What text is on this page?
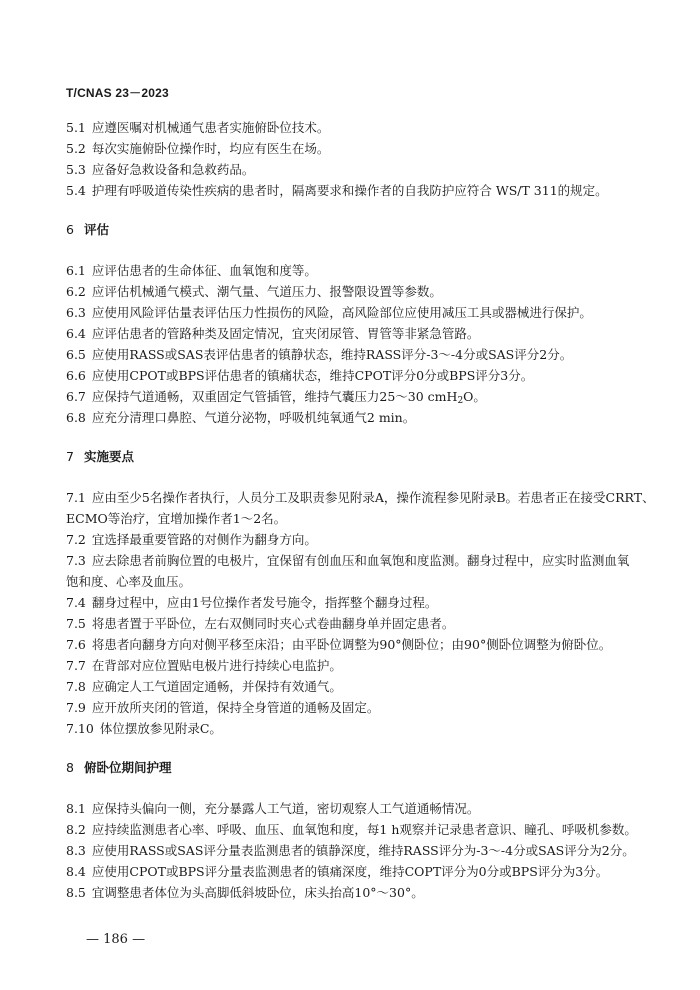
T/CNAS 23－2023
5.1 应遵医嘱对机械通气患者实施俯卧位技术。
5.2 每次实施俯卧位操作时，均应有医生在场。
5.3 应备好急救设备和急救药品。
5.4 护理有呼吸道传染性疾病的患者时，隔离要求和操作者的自我防护应符合 WS/T 311的规定。
6 评估
6.1 应评估患者的生命体征、血氧饱和度等。
6.2 应评估机械通气模式、潮气量、气道压力、报警限设置等参数。
6.3 应使用风险评估量表评估压力性损伤的风险，高风险部位应使用减压工具或器械进行保护。
6.4 应评估患者的管路种类及固定情况，宜夹闭尿管、胃管等非紧急管路。
6.5 应使用RASS或SAS表评估患者的镇静状态，维持RASS评分-3～-4分或SAS评分2分。
6.6 应使用CPOT或BPS评估患者的镇痛状态，维持CPOT评分0分或BPS评分3分。
6.7 应保持气道通畅，双重固定气管插管，维持气囊压力25～30 cmH$_2$O。
6.8 应充分清理口鼻腔、气道分泌物，呼吸机纯氧通气2 min。
7 实施要点
7.1 应由至少5名操作者执行，人员分工及职责参见附录A，操作流程参见附录B。若患者正在接受CRRT、
ECMO等治疗，宜增加操作者1～2名。
7.2 宜选择最重要管路的对侧作为翻身方向。
7.3 应去除患者前胸位置的电极片，宜保留有创血压和血氧饱和度监测。翻身过程中，应实时监测血氧
饱和度、心率及血压。
7.4 翻身过程中，应由1号位操作者发号施令，指挥整个翻身过程。
7.5 将患者置于平卧位，左右双侧同时夹心式卷曲翻身单并固定患者。
7.6 将患者向翻身方向对侧平移至床沿；由平卧位调整为90°侧卧位；由90°侧卧位调整为俯卧位。
7.7 在背部对应位置贴电极片进行持续心电监护。
7.8 应确定人工气道固定通畅，并保持有效通气。
7.9 应开放所夹闭的管道，保持全身管道的通畅及固定。
7.10 体位摆放参见附录C。
8 俯卧位期间护理
8.1 应保持头偏向一侧，充分暴露人工气道，密切观察人工气道通畅情况。
8.2 应持续监测患者心率、呼吸、血压、血氧饱和度，每1 h观察并记录患者意识、瞳孔、呼吸机参数。
8.3 应使用RASS或SAS评分量表监测患者的镇静深度，维持RASS评分为-3～-4分或SAS评分为2分。
8.4 应使用CPOT或BPS评分量表监测患者的镇痛深度，维持COPT评分为0分或BPS评分为3分。
8.5 宜调整患者体位为头高脚低斜坡卧位，床头抬高10°～30°。
— 186 —
